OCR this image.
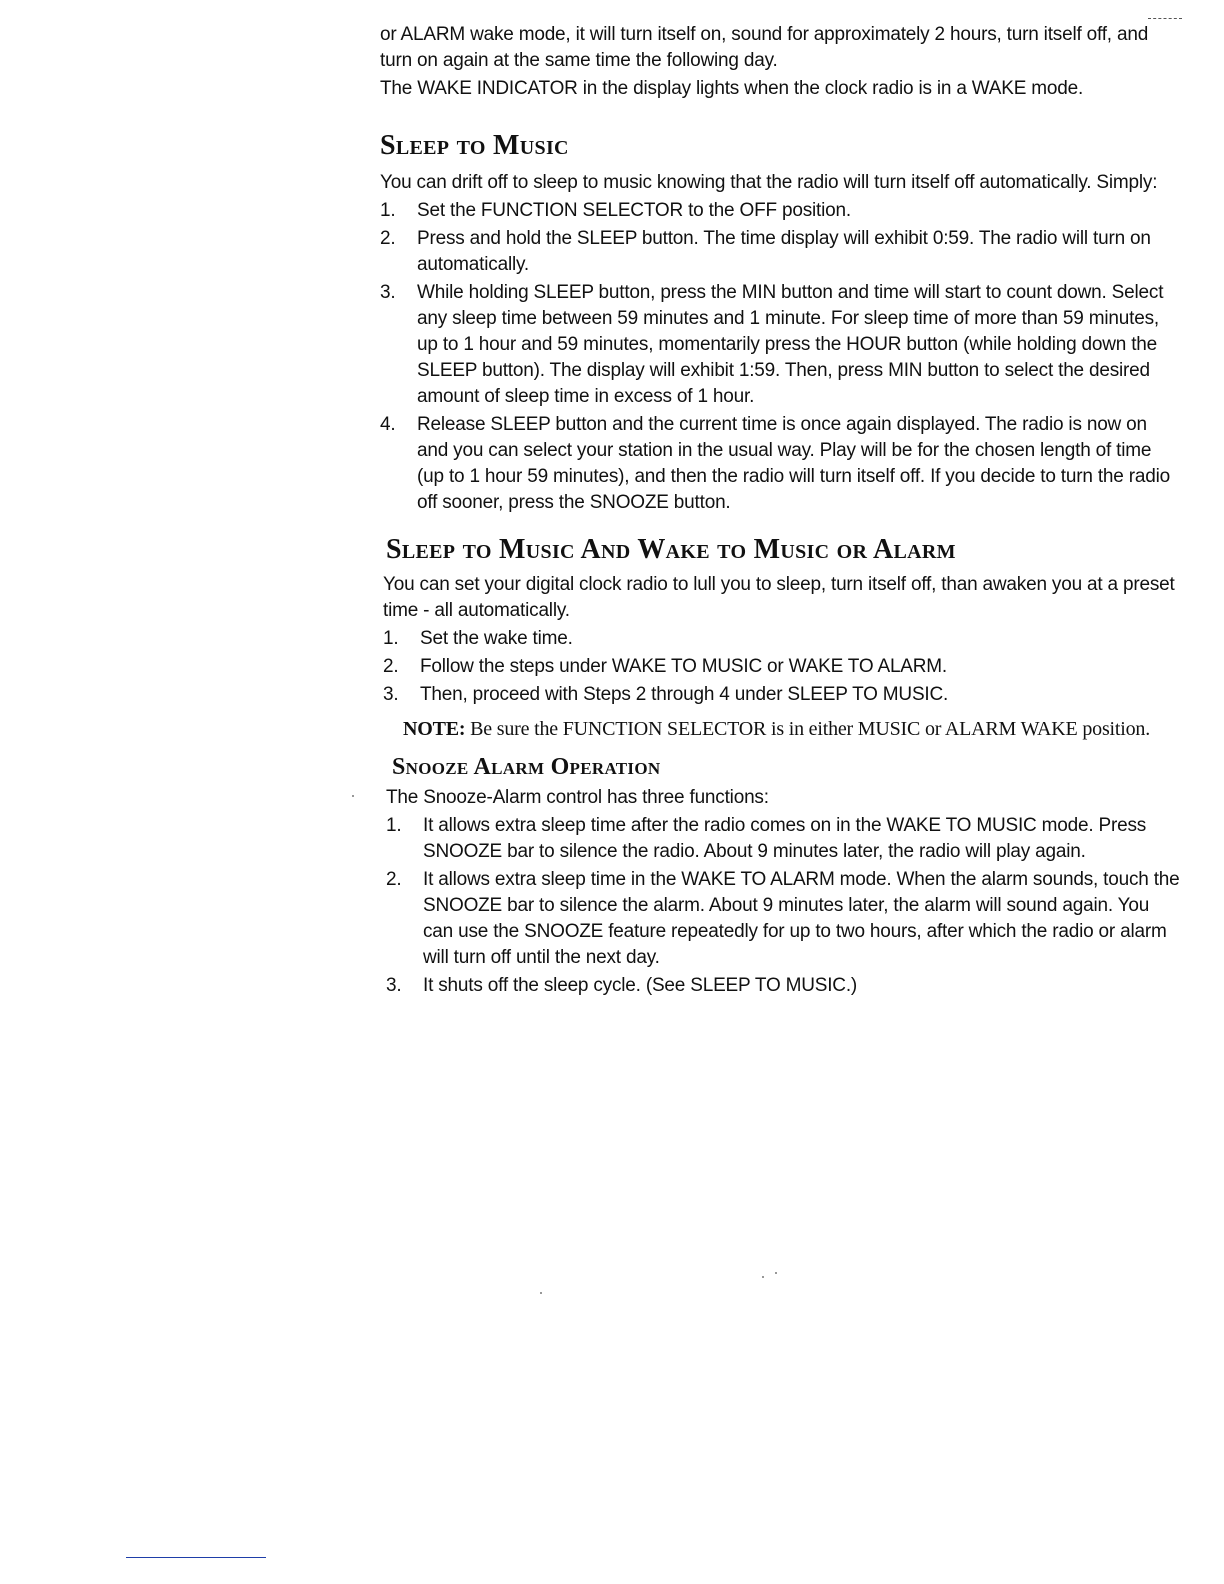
or ALARM wake mode, it will turn itself on, sound for approximately 2 hours, turn itself off, and turn on again at the same time the following day.

The WAKE INDICATOR in the display lights when the clock radio is in a WAKE mode.

Sleep to Music

You can drift off to sleep to music knowing that the radio will turn itself off automatically. Simply:

1.	Set the FUNCTION SELECTOR to the OFF position.
2.	Press and hold the SLEEP button. The time display will exhibit 0:59. The radio will turn on automatically.
3.	While holding SLEEP button, press the MIN button and time will start to count down. Select any sleep time between 59 minutes and 1 minute. For sleep time of more than 59 minutes, up to 1 hour and 59 minutes, momentarily press the HOUR button (while holding down the SLEEP button). The display will exhibit 1:59. Then, press MIN button to select the desired amount of sleep time in excess of 1 hour.
4.	Release SLEEP button and the current time is once again displayed. The radio is now on and you can select your station in the usual way. Play will be for the chosen length of time (up to 1 hour 59 minutes), and then the radio will turn itself off. If you decide to turn the radio off sooner, press the SNOOZE button.
Sleep to Music And Wake to Music or Alarm

You can set your digital clock radio to lull you to sleep, turn itself off, than awaken you at a preset time - all automatically.

1.	Set the wake time.
2.	Follow the steps under WAKE TO MUSIC or WAKE TO ALARM.
3.	Then, proceed with Steps 2 through 4 under SLEEP TO MUSIC.

NOTE: Be sure the FUNCTION SELECTOR is in either MUSIC or ALARM WAKE position.

Snooze Alarm Operation

The Snooze-Alarm control has three functions:

1.	It allows extra sleep time after the radio comes on in the WAKE TO MUSIC mode. Press SNOOZE bar to silence the radio. About 9 minutes later, the radio will play again.
2.	It allows extra sleep time in the WAKE TO ALARM mode. When the alarm sounds, touch the SNOOZE bar to silence the alarm. About 9 minutes later, the alarm will sound again. You can use the SNOOZE feature repeatedly for up to two hours, after which the radio or alarm will turn off until the next day.
3.	It shuts off the sleep cycle. (See SLEEP TO MUSIC.)
